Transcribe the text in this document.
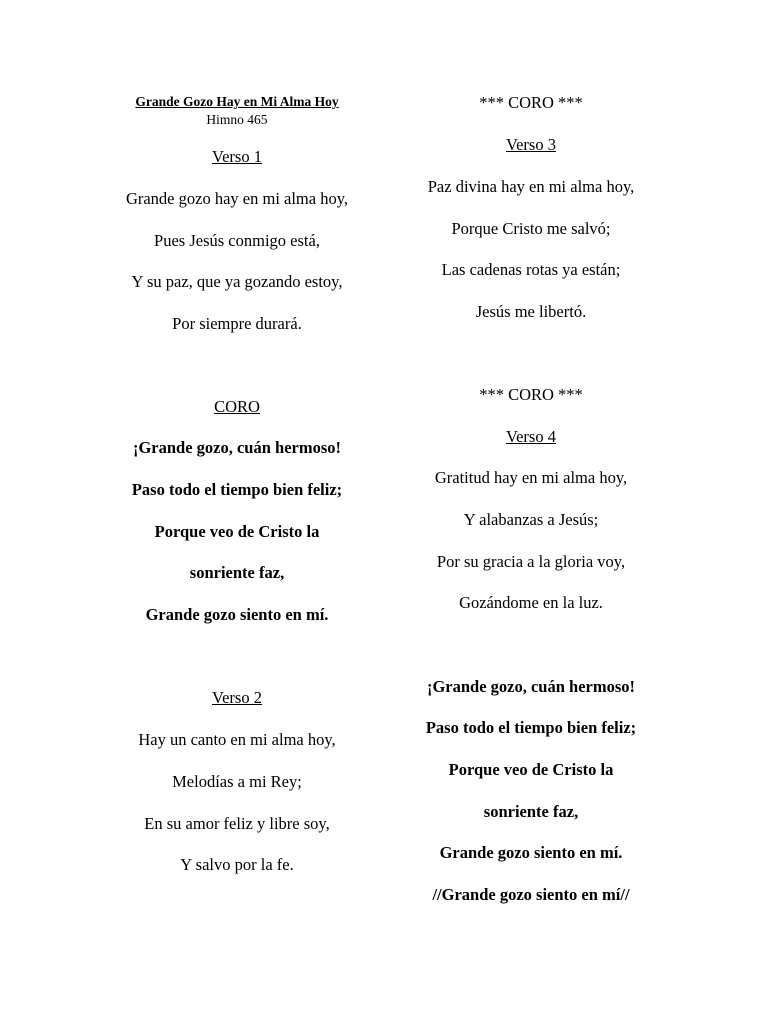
Grande Gozo Hay en Mi Alma Hoy
Himno 465
Verso 1
Grande gozo hay en mi alma hoy,
Pues Jesús conmigo está,
Y su paz, que ya gozando estoy,
Por siempre durará.
CORO
¡Grande gozo, cuán hermoso!
Paso todo el tiempo bien feliz;
Porque veo de Cristo la
sonriente faz,
Grande gozo siento en mí.
Verso 2
Hay un canto en mi alma hoy,
Melodías a mi Rey;
En su amor feliz y libre soy,
Y salvo por la fe.
*** CORO ***
Verso 3
Paz divina hay en mi alma hoy,
Porque Cristo me salvó;
Las cadenas rotas ya están;
Jesús me libertó.
*** CORO ***
Verso 4
Gratitud hay en mi alma hoy,
Y alabanzas a Jesús;
Por su gracia a la gloria voy,
Gozándome en la luz.
¡Grande gozo, cuán hermoso!
Paso todo el tiempo bien feliz;
Porque veo de Cristo la
sonriente faz,
Grande gozo siento en mí.
//Grande gozo siento en mí//
